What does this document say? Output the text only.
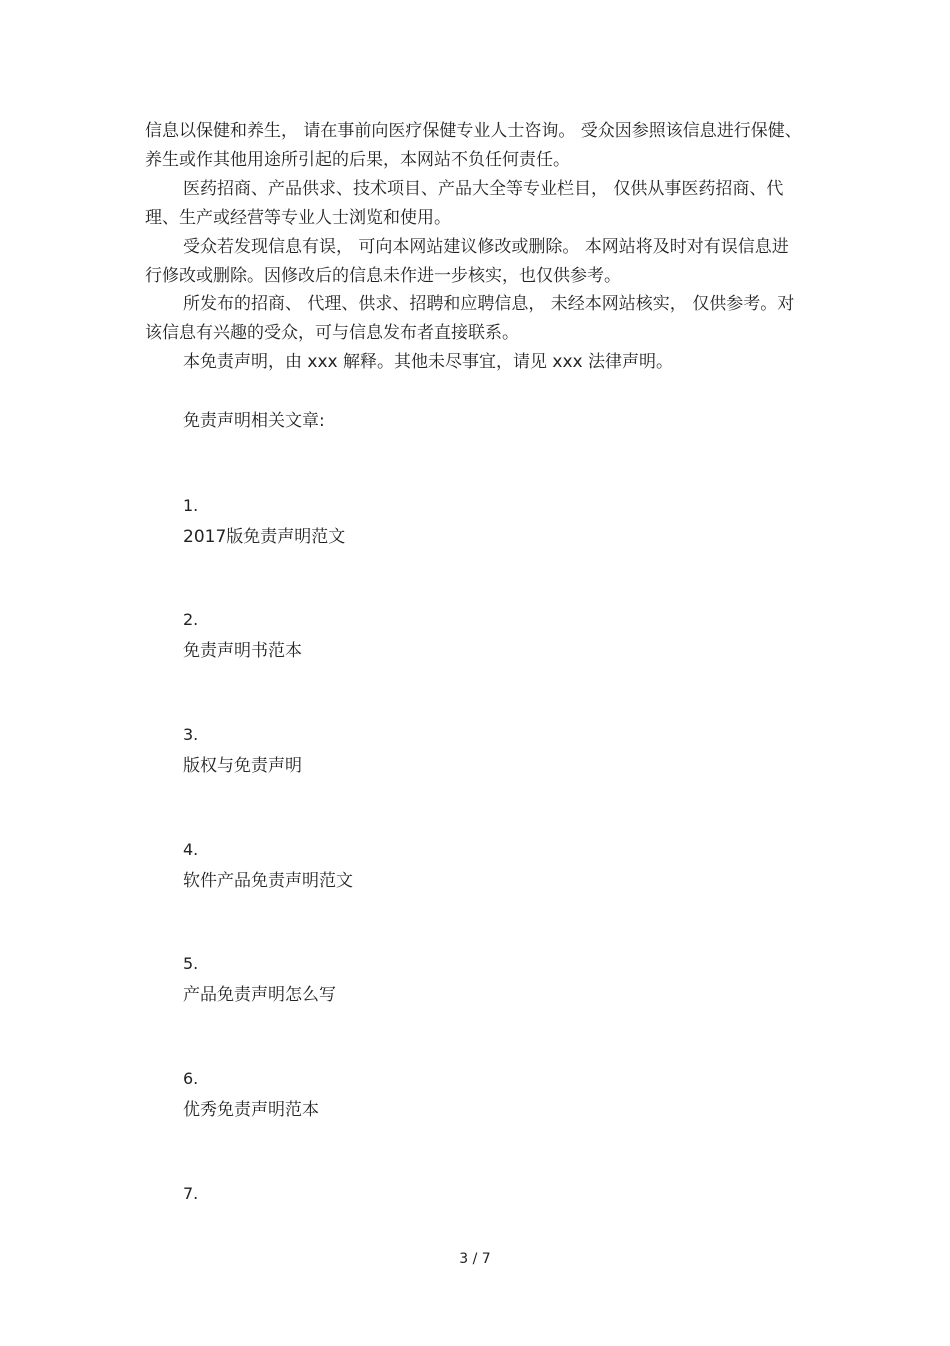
信息以保健和养生， 请在事前向医疗保健专业人士咨询。 受众因参照该信息进行保健、养生或作其他用途所引起的后果，本网站不负任何责任。

医药招商、产品供求、技术项目、产品大全等专业栏目， 仅供从事医药招商、代理、生产或经营等专业人士浏览和使用。

受众若发现信息有误， 可向本网站建议修改或删除。 本网站将及时对有误信息进行修改或删除。因修改后的信息未作进一步核实，也仅供参考。

所发布的招商、 代理、供求、招聘和应聘信息， 未经本网站核实， 仅供参考。对该信息有兴趣的受众，可与信息发布者直接联系。

本免责声明，由 xxx 解释。其他未尽事宜，请见 xxx 法律声明。

免责声明相关文章:

1.

2017版免责声明范文

2.

免责声明书范本

3.

版权与免责声明

4.

软件产品免责声明范文

5.

产品免责声明怎么写

6.

优秀免责声明范本

7.

3 / 7
